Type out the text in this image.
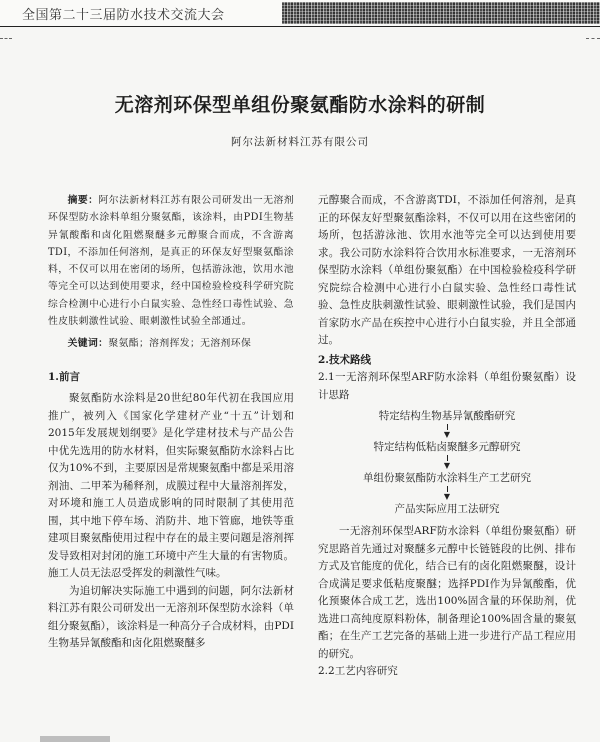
全国第二十三届防水技术交流大会
无溶剂环保型单组份聚氨酯防水涂料的研制
阿尔法新材料江苏有限公司

摘要：阿尔法新材料江苏有限公司研发出一无溶剂环保型防水涂料单组分聚氨酯，该涂料，由PDI生物基异氰酸酯和卤化阻燃聚醚多元醇聚合而成，不含游离TDI，不添加任何溶剂，是真正的环保友好型聚氨酯涂料，不仅可以用在密闭的场所，包括游泳池，饮用水池等完全可以达到使用要求，经中国检验检疫科学研究院综合检测中心进行小白鼠实验、急性经口毒性试验、急性皮肤刺激性试验、眼刺激性试验全部通过。

关键词：聚氨酯；溶剂挥发；无溶剂环保

1.前言

聚氨酯防水涂料是20世纪80年代初在我国应用推广，被列入《国家化学建材产业“十五”计划和2015年发展规划纲要》是化学建材技术与产品公告中优先选用的防水材料，但实际聚氨酯防水涂料占比仅为10%不到，主要原因是常规聚氨酯中都是采用溶剂油、二甲苯为稀释剂，成膜过程中大量溶剂挥发，对环境和施工人员造成影响的同时限制了其使用范围，其中地下停车场、消防井、地下管廊，地铁等重建项目聚氨酯使用过程中存在的最主要问题是溶剂挥发导致相对封闭的施工环境中产生大量的有害物质。施工人员无法忍受挥发的刺激性气味。

为追切解决实际施工中遇到的问题，阿尔法新材料江苏有限公司研发出一无溶剂环保型防水涂料（单组分聚氨酯），该涂料是一种高分子合成材料，由PDI生物基异氰酸酯和卤化阻燃聚醚多

元醇聚合而成，不含游离TDI，不添加任何溶剂，是真正的环保友好型聚氨酯涂料，不仅可以用在这些密闭的场所，包括游泳池、饮用水池等完全可以达到使用要求。我公司防水涂料符合饮用水标准要求，一无溶剂环保型防水涂料（单组份聚氨酯）在中国检验检疫科学研究院综合检测中心进行小白鼠实验、急性经口毒性试验、急性皮肤刺激性试验、眼刺激性试验，我们是国内首家防水产品在疾控中心进行小白鼠实验，并且全部通过。

2.技术路线

2.1一无溶剂环保型ARF防水涂料（单组份聚氨酯）设计思路

特定结构生物基异氰酸酯研究
▼
特定结构低粘卤聚醚多元醇研究
▼
单组份聚氨酯防水涂料生产工艺研究
▼
产品实际应用工法研究

一无溶剂环保型ARF防水涂料（单组份聚氨酯）研究思路首先通过对聚醚多元醇中长链链段的比例、排布方式及官能度的优化，结合已有的卤化阻燃聚醚，设计合成满足要求低粘度聚醚；选择PDI作为异氰酸酯，优化预聚体合成工艺，选出100%固含量的环保助剂，优选进口高纯度原料粉体，制备理论100%固含量的聚氨酯；在生产工艺完备的基础上进一步进行产品工程应用的研究。

2.2工艺内容研究
